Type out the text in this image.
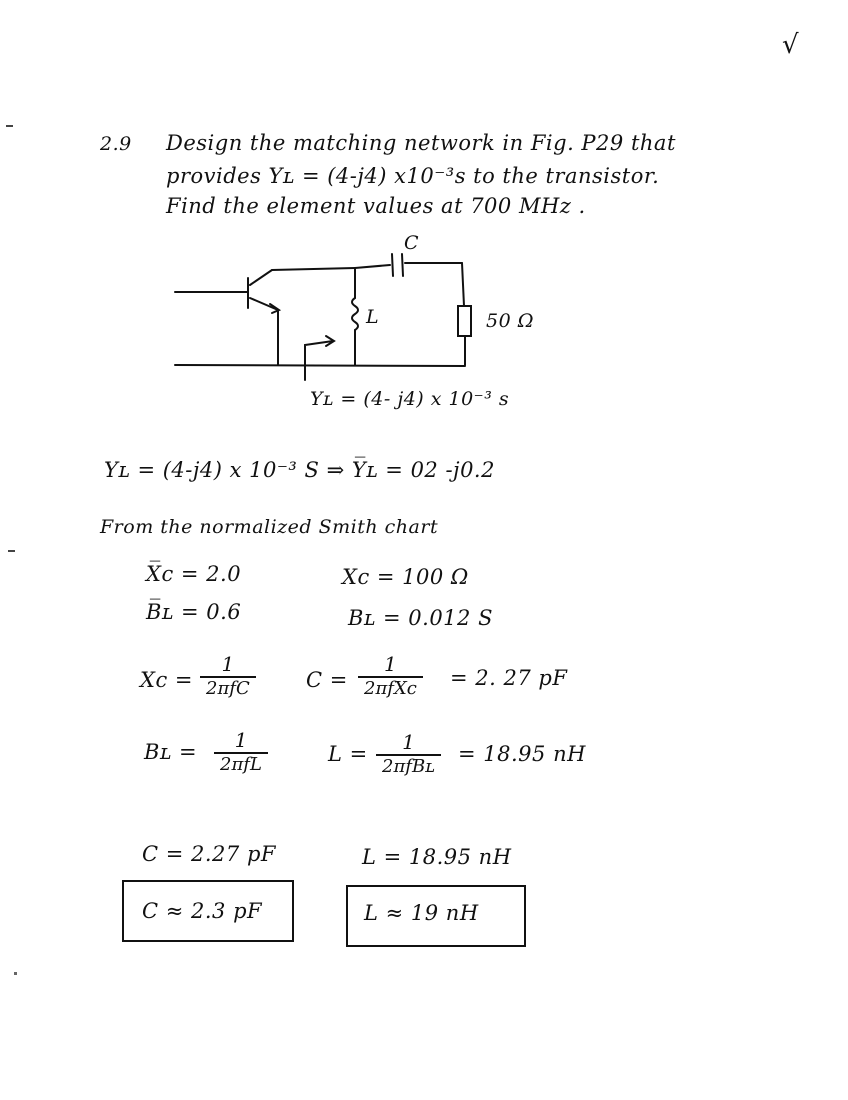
√
2.9 Design the matching network in Fig. P29 that
provides Yʟ = (4-j4) x10⁻³s to the transistor.
Find the element values at 700 MHz .
C
L	50 Ω
Yʟ = (4- j4) x 10⁻³ s
Yʟ = (4-j4) x 10⁻³ S ⇒ Y̅ʟ = 02 -j0.2
From the normalized Smith chart
X̅c = 2.0	Xc = 100 Ω
B̅ʟ = 0.6	Bʟ = 0.012 S
Xc =
1
2πfC	C =
1
2πfXc = 2. 27 pF
Bʟ =	1
2πfL	L =	1
2πfBʟ
= 18.95 nH
C = 2.27 pF	L = 18.95 nH
C ≈ 2.3 pF	L ≈ 19 nH
